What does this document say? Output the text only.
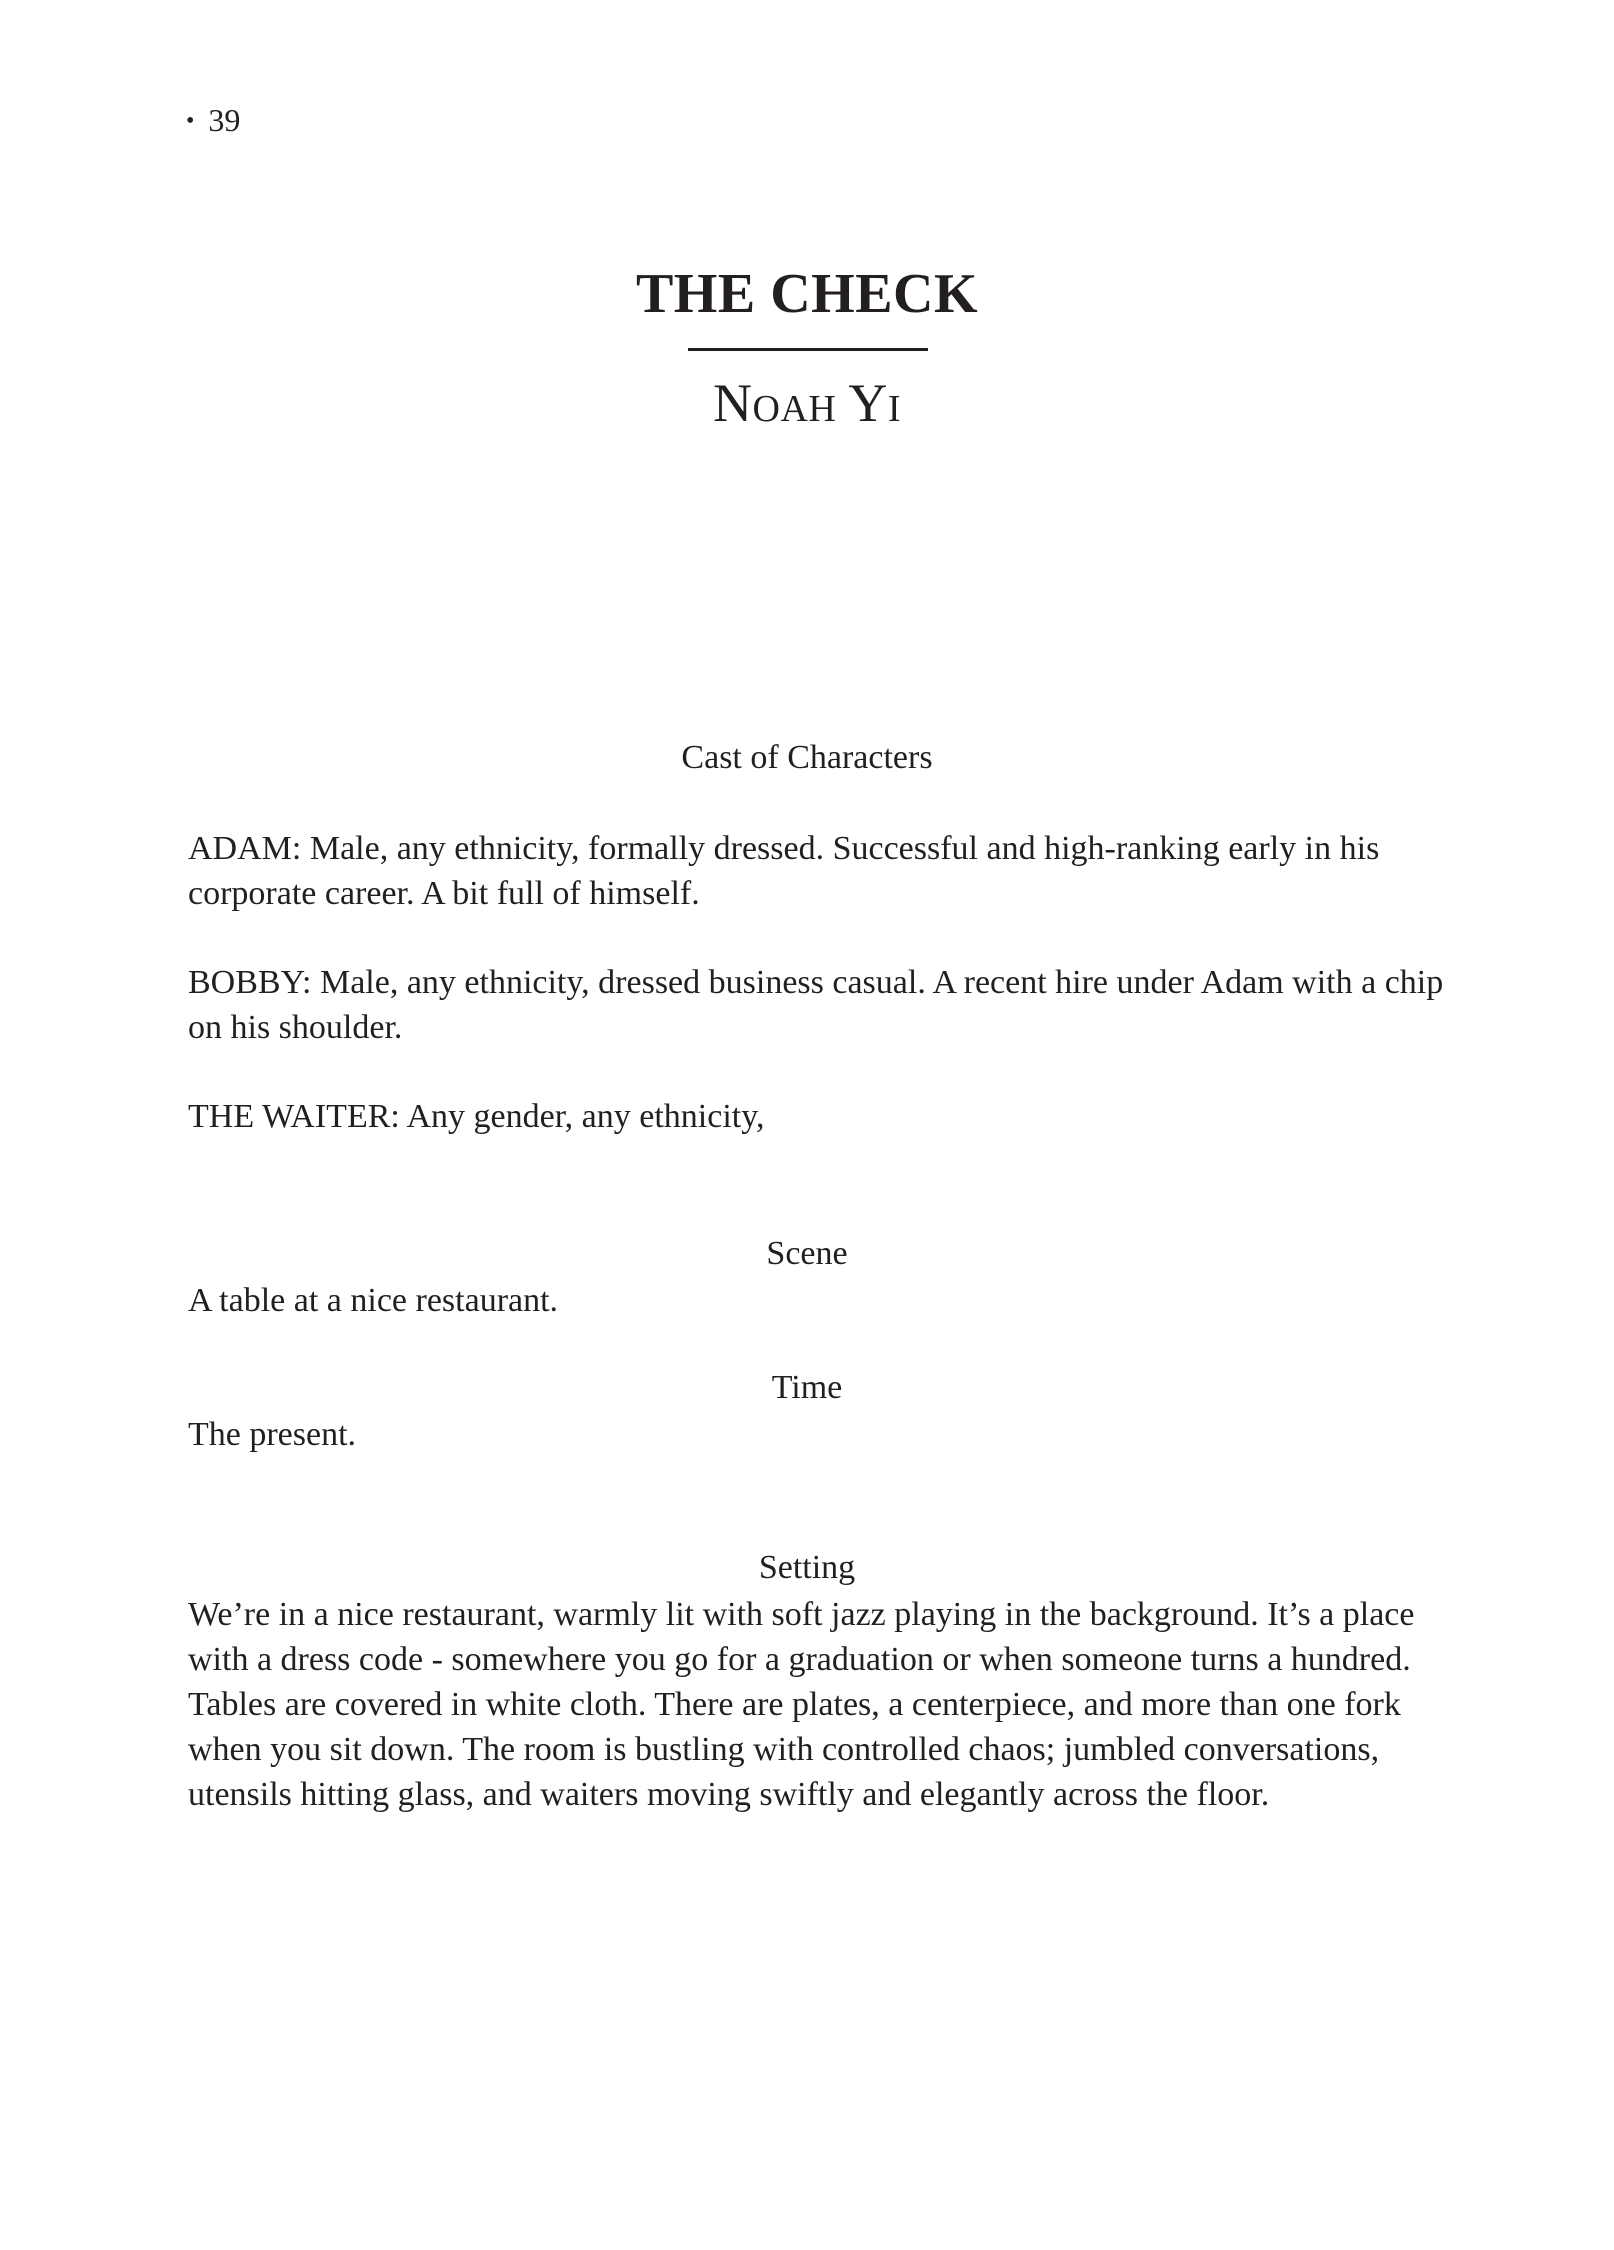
• 39
THE CHECK
Noah Yi
Cast of Characters

ADAM: Male, any ethnicity, formally dressed. Successful and high-ranking early in his corporate career. A bit full of himself.

BOBBY: Male, any ethnicity, dressed business casual. A recent hire under Adam with a chip on his shoulder.

THE WAITER: Any gender, any ethnicity,

Scene

A table at a nice restaurant.

Time

The present.

Setting

We’re in a nice restaurant, warmly lit with soft jazz playing in the background. It’s a place with a dress code - somewhere you go for a graduation or when someone turns a hundred. Tables are covered in white cloth. There are plates, a centerpiece, and more than one fork when you sit down. The room is bustling with controlled chaos; jumbled conversations, utensils hitting glass, and waiters moving swiftly and elegantly across the floor.
